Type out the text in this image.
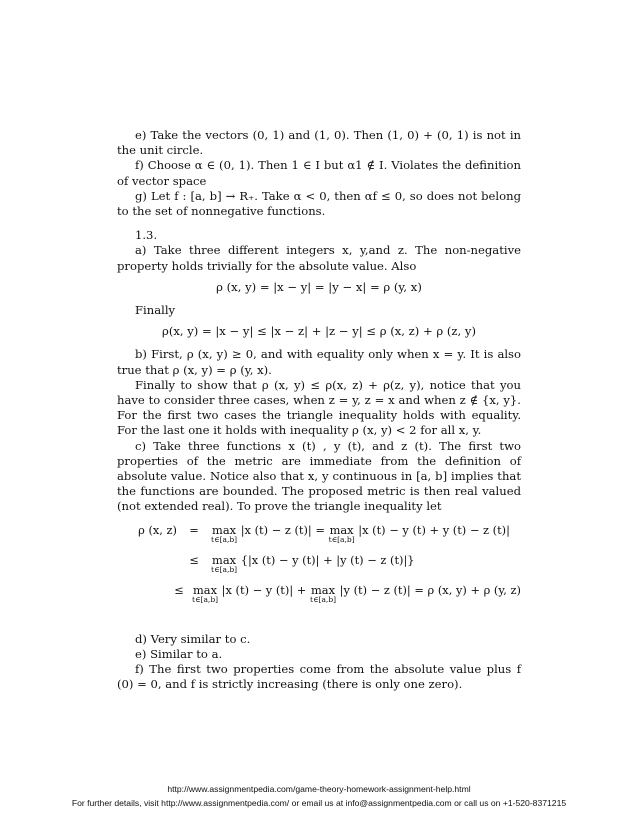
e) Take the vectors (0, 1) and (1, 0). Then (1, 0) + (0, 1) is not in the unit circle.

f) Choose α ∈ (0, 1). Then 1 ∈ I but α1 ∉ I. Violates the definition of vector space

g) Let f : [a, b] → R₊. Take α < 0, then αf ≤ 0, so does not belong to the set of nonnegative functions.

1.3.

a) Take three different integers x, y,and z. The non-negative property holds trivially for the absolute value. Also

ρ (x, y) = |x − y| = |y − x| = ρ (y, x)

Finally

ρ(x, y) = |x − y| ≤ |x − z| + |z − y| ≤ ρ (x, z) + ρ (z, y)

b) First, ρ (x, y) ≥ 0, and with equality only when x = y. It is also true that ρ (x, y) = ρ (y, x).

Finally to show that ρ (x, y) ≤ ρ(x, z) + ρ(z, y), notice that you have to consider three cases, when z = y, z = x and when z ∉ {x, y}. For the first two cases the triangle inequality holds with equality. For the last one it holds with inequality ρ (x, y) < 2 for all x, y.

c) Take three functions x (t) , y (t), and z (t). The first two properties of the metric are immediate from the definition of absolute value. Notice also that x, y continuous in [a, b] implies that the functions are bounded. The proposed metric is then real valued (not extended real). To prove the triangle inequality let

ρ (x, z)	=	max
t∈[a,b]
|x (t) − z (t)| = max
t∈[a,b]
|x (t) − y (t) + y (t) − z (t)|
≤	max
t∈[a,b]
{|x (t) − y (t)| + |y (t) − z (t)|}
≤ max
t∈[a,b]
|x (t) − y (t)| + max
t∈[a,b]
|y (t) − z (t)| = ρ (x, y) + ρ (y, z)

d) Very similar to c.

e) Similar to a.

f) The first two properties come from the absolute value plus f (0) = 0, and f is strictly increasing (there is only one zero).

http://www.assignmentpedia.com/game-theory-homework-assignment-help.html
For further details, visit http://www.assignmentpedia.com/ or email us at info@assignmentpedia.com or call us on +1-520-8371215
